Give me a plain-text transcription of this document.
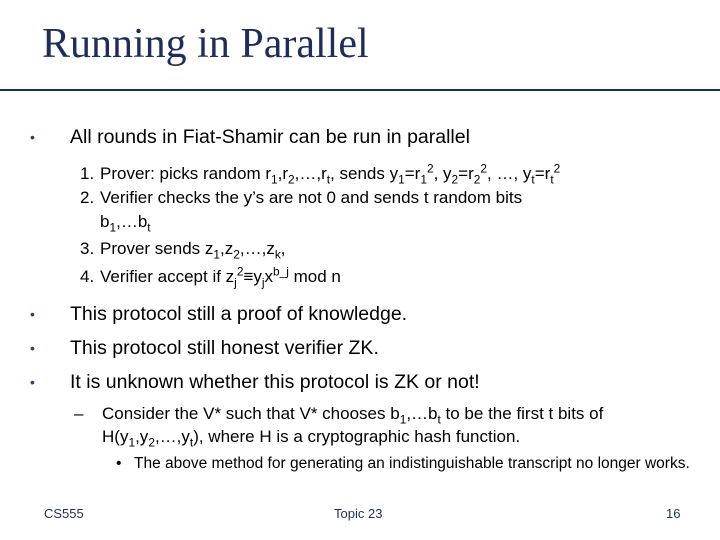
Running in Parallel
• All rounds in Fiat-Shamir can be run in parallel
1. Prover: picks random $r_1,r_2,\dots,r_t$, sends $y_1=r_1^2$, $y_2=r_2^2$, …, $y_t=r_t^2$
2. Verifier checks the y’s are not 0 and sends t random bits
$b_1,\dots b_t$
3. Prover sends $z_1,z_2,\dots,z_k$,
4. Verifier accept if $z_j^2\equiv y_jx^{b\_j}$ mod n
• This protocol still a proof of knowledge.
• This protocol still honest verifier ZK.
• It is unknown whether this protocol is ZK or not!
– Consider the V* such that V* chooses $b_1,\dots b_t$ to be the first t bits of $H(y_1,y_2,\dots,y_t)$, where H is a cryptographic hash function.
• The above method for generating an indistinguishable transcript no longer works.
CS555	Topic 23	16
